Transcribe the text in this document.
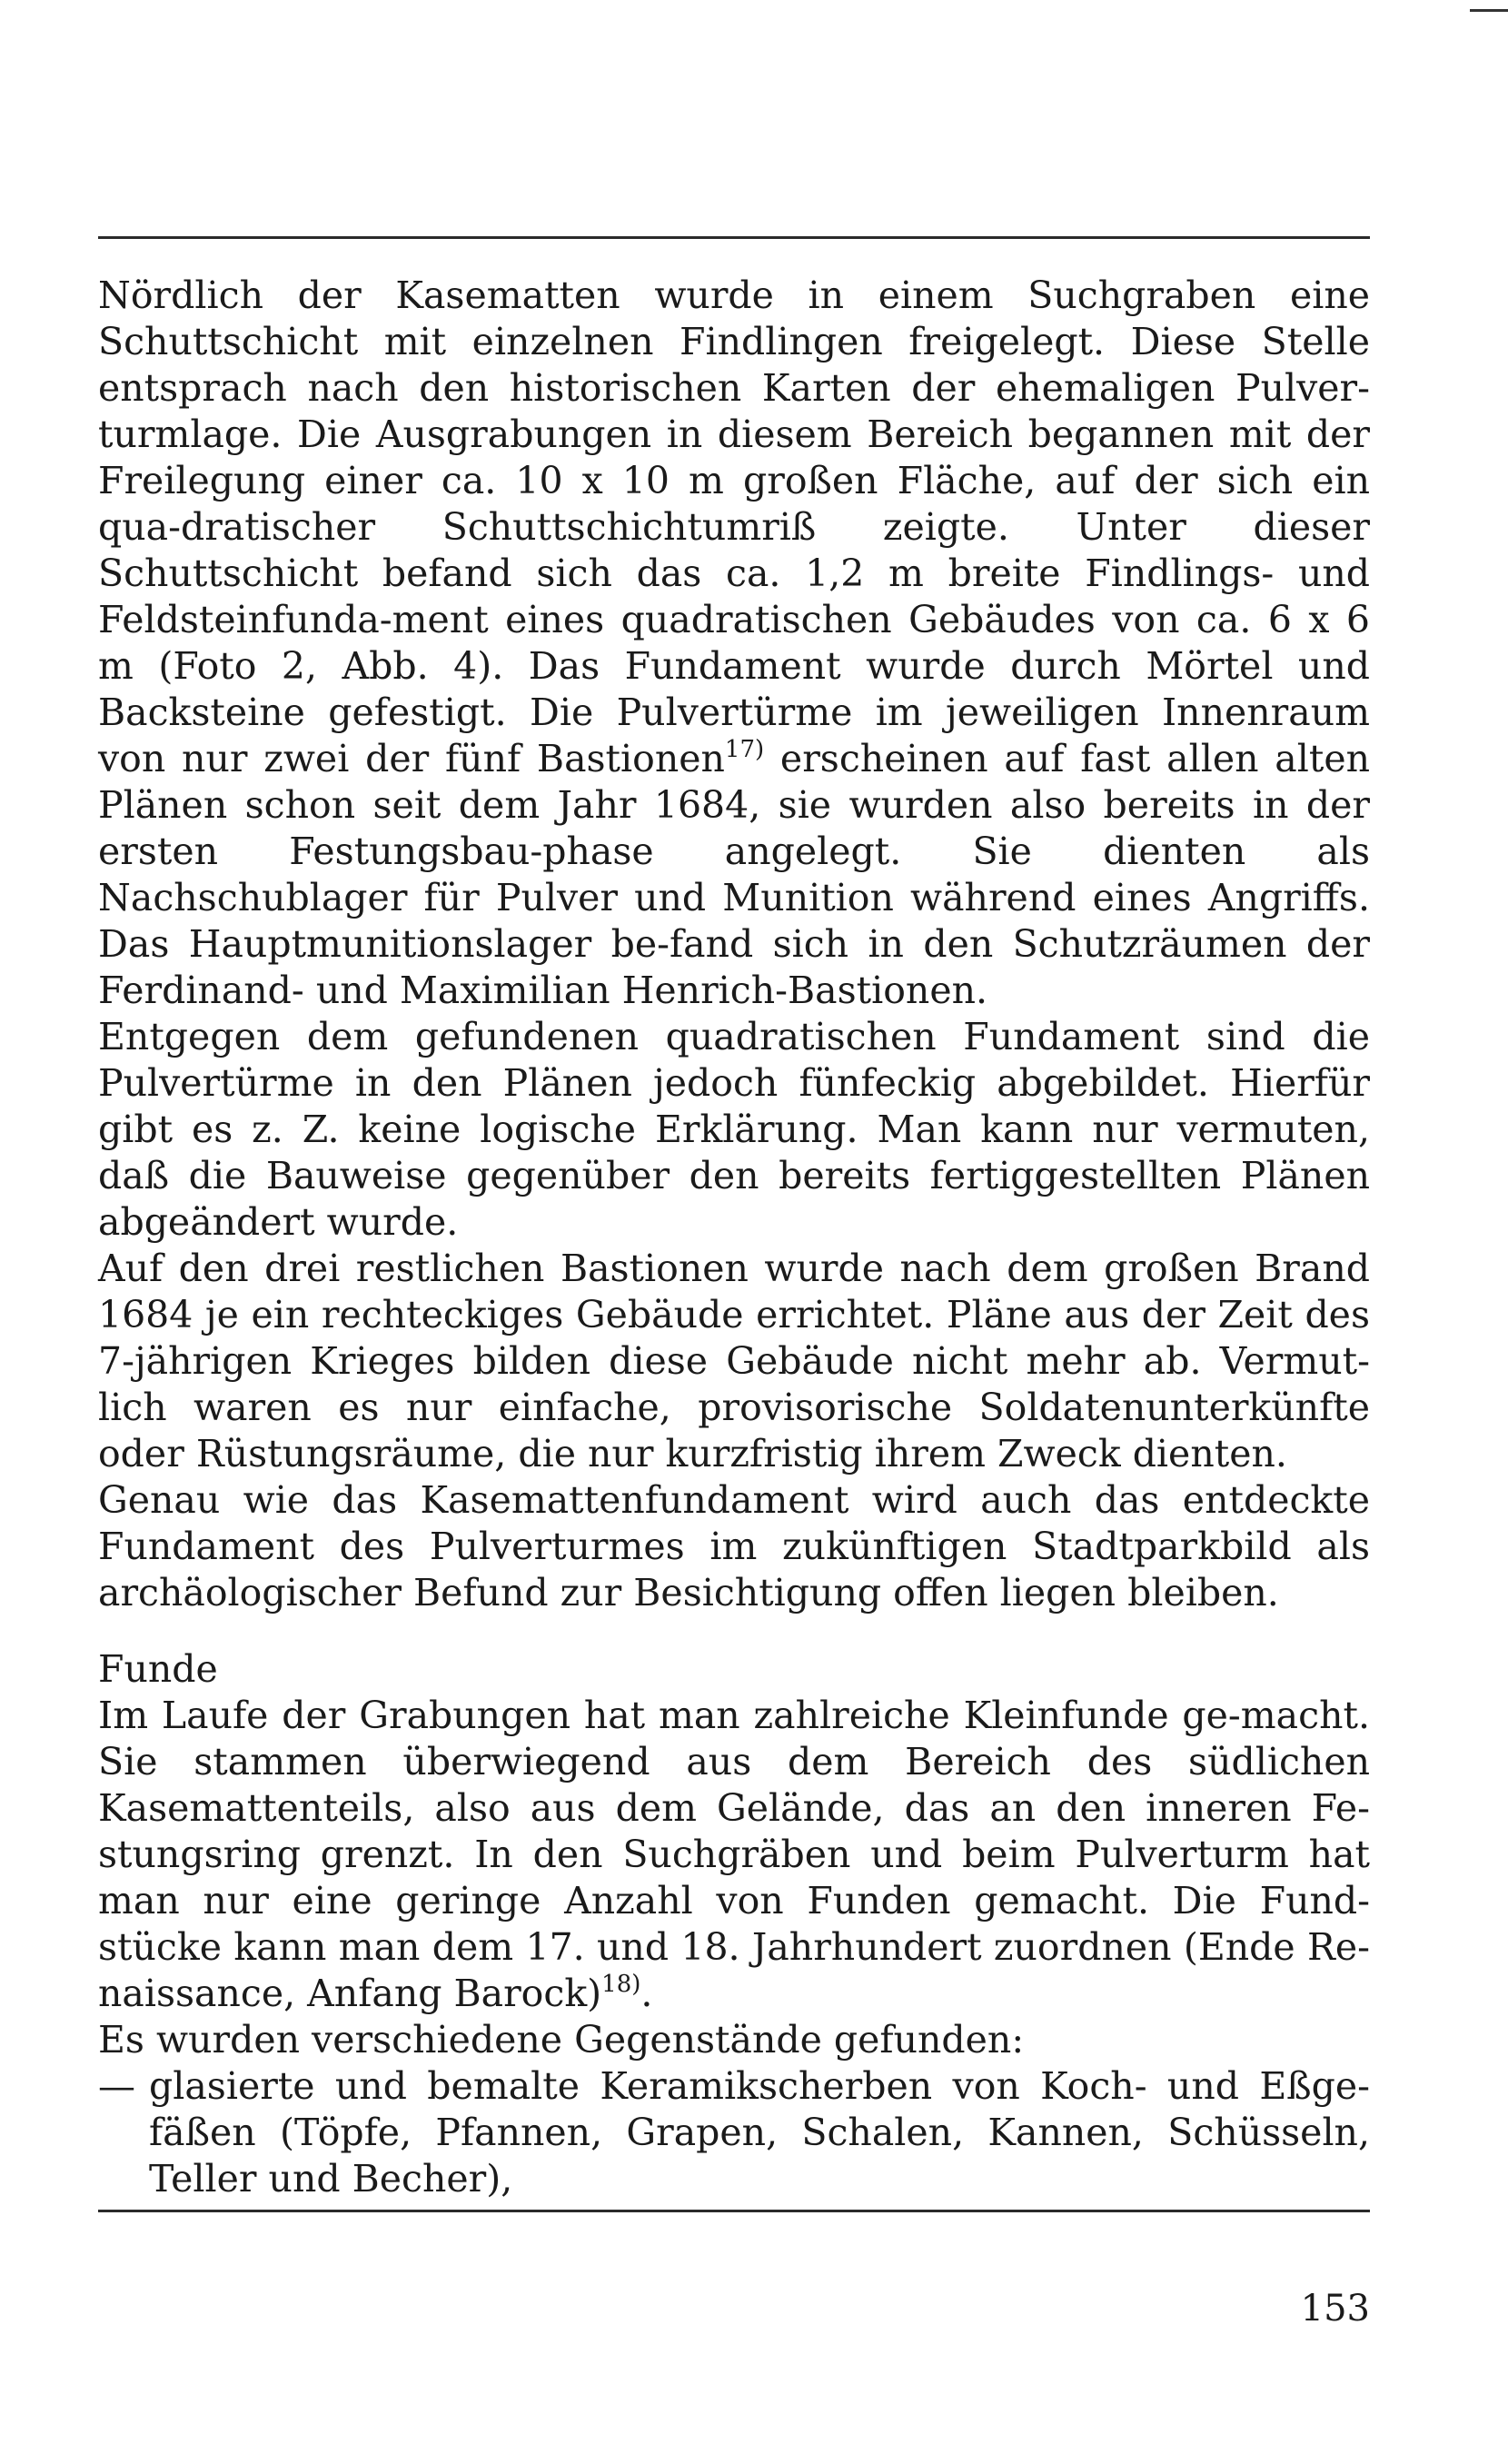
Nördlich der Kasematten wurde in einem Suchgraben eine Schuttschicht mit einzelnen Findlingen freigelegt. Diese Stelle entsprach nach den historischen Karten der ehemaligen Pulver-turmlage. Die Ausgrabungen in diesem Bereich begannen mit der Freilegung einer ca. 10 x 10 m großen Fläche, auf der sich ein qua-dratischer Schuttschichtumriß zeigte. Unter dieser Schuttschicht befand sich das ca. 1,2 m breite Findlings- und Feldsteinfunda-ment eines quadratischen Gebäudes von ca. 6 x 6 m (Foto 2, Abb. 4). Das Fundament wurde durch Mörtel und Backsteine gefestigt. Die Pulvertürme im jeweiligen Innenraum von nur zwei der fünf Bastionen$^{17)}$ erscheinen auf fast allen alten Plänen schon seit dem Jahr 1684, sie wurden also bereits in der ersten Festungsbau-phase angelegt. Sie dienten als Nachschublager für Pulver und Munition während eines Angriffs. Das Hauptmunitionslager be-fand sich in den Schutzräumen der Ferdinand- und Maximilian Henrich-Bastionen.

Entgegen dem gefundenen quadratischen Fundament sind die Pulvertürme in den Plänen jedoch fünfeckig abgebildet. Hierfür gibt es z. Z. keine logische Erklärung. Man kann nur vermuten, daß die Bauweise gegenüber den bereits fertiggestellten Plänen abgeändert wurde.

Auf den drei restlichen Bastionen wurde nach dem großen Brand 1684 je ein rechteckiges Gebäude errichtet. Pläne aus der Zeit des 7-jährigen Krieges bilden diese Gebäude nicht mehr ab. Vermut-lich waren es nur einfache, provisorische Soldatenunterkünfte oder Rüstungsräume, die nur kurzfristig ihrem Zweck dienten.

Genau wie das Kasemattenfundament wird auch das entdeckte Fundament des Pulverturmes im zukünftigen Stadtparkbild als archäologischer Befund zur Besichtigung offen liegen bleiben.

Funde

Im Laufe der Grabungen hat man zahlreiche Kleinfunde ge-macht. Sie stammen überwiegend aus dem Bereich des südlichen Kasemattenteils, also aus dem Gelände, das an den inneren Fe-stungsring grenzt. In den Suchgräben und beim Pulverturm hat man nur eine geringe Anzahl von Funden gemacht. Die Fund-stücke kann man dem 17. und 18. Jahrhundert zuordnen (Ende Re-naissance, Anfang Barock)$^{18)}$.

Es wurden verschiedene Gegenstände gefunden:

— glasierte und bemalte Keramikscherben von Koch- und Eßge-fäßen (Töpfe, Pfannen, Grapen, Schalen, Kannen, Schüsseln, Teller und Becher),
153
